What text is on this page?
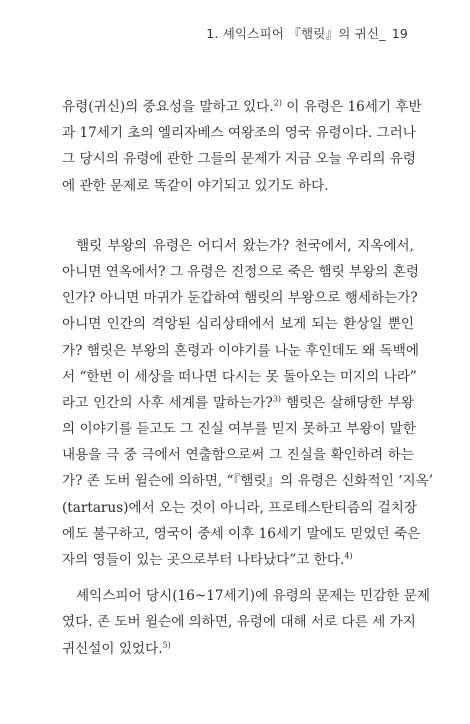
1. 셰익스피어 『햄릿』의 귀신_ 19
유령(귀신)의 중요성을 말하고 있다.$^{2)}$ 이 유령은 16세기 후반
과 17세기 초의 엘리자베스 여왕조의 영국 유령이다. 그러나
그 당시의 유령에 관한 그들의 문제가 지금 오늘 우리의 유령
에 관한 문제로 똑같이 야기되고 있기도 하다.
햄릿 부왕의 유령은 어디서 왔는가? 천국에서, 지옥에서,
아니면 연옥에서? 그 유령은 진정으로 죽은 햄릿 부왕의 혼령
인가? 아니면 마귀가 둔갑하여 햄릿의 부왕으로 행세하는가?
아니면 인간의 격앙된 심리상태에서 보게 되는 환상일 뿐인
가? 햄릿은 부왕의 혼령과 이야기를 나눈 후인데도 왜 독백에
서 “한번 이 세상을 떠나면 다시는 못 돌아오는 미지의 나라”
라고 인간의 사후 세계를 말하는가?$^{3)}$ 햄릿은 살해당한 부왕
의 이야기를 듣고도 그 진실 여부를 믿지 못하고 부왕이 말한
내용을 극 중 극에서 연출함으로써 그 진실을 확인하려 하는
가? 존 도버 윌슨에 의하면, “『햄릿』의 유령은 신화적인 ‘지옥’
(tartarus)에서 오는 것이 아니라, 프로테스탄티즘의 걸치장
에도 불구하고, 영국이 중세 이후 16세기 말에도 믿었던 죽은
자의 영들이 있는 곳으로부터 나타났다”고 한다.$^{4)}$
셰익스피어 당시(16~17세기)에 유령의 문제는 민감한 문제
였다. 존 도버 윌슨에 의하면, 유령에 대해 서로 다른 세 가지
귀신설이 있었다.$^{5)}$
